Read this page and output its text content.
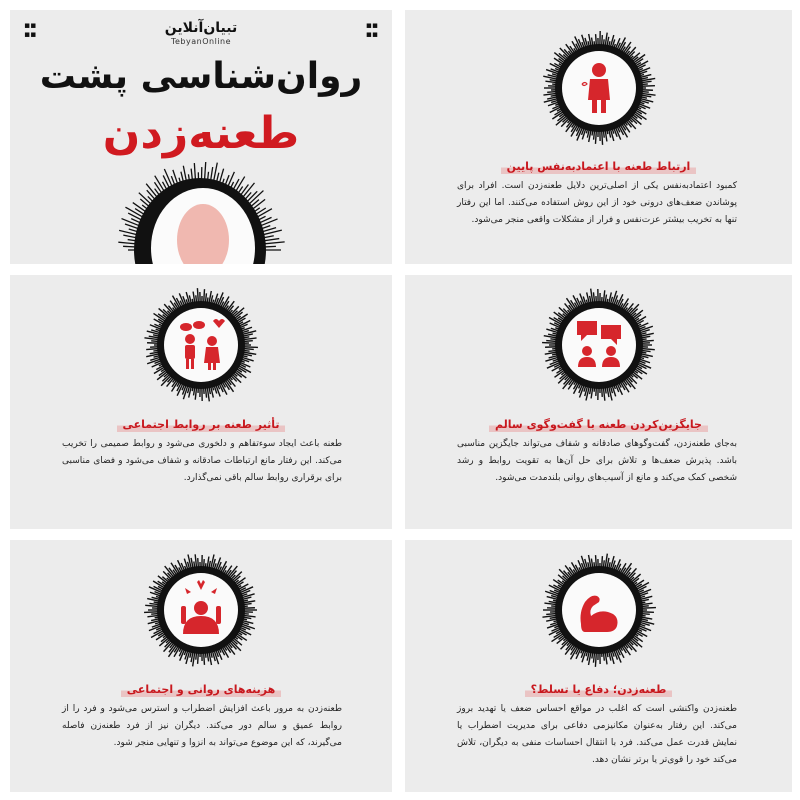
▪▪
▪▪
▪▪
▪▪
تبیان‌آنلاین
TebyanOnline
روان‌شناسی پشت
طعنه‌زدن
ارتباط طعنه با اعتمادبه‌نفس پایین
کمبود اعتمادبه‌نفس یکی از اصلی‌ترین دلایل طعنه‌زدن است. افراد برای پوشاندن ضعف‌های درونی خود از این روش استفاده می‌کنند. اما این رفتار تنها به تخریب بیشتر عزت‌نفس و فرار از مشکلات واقعی منجر می‌شود.
تأثیر طعنه بر روابط اجتماعی
طعنه باعث ایجاد سوءتفاهم و دلخوری می‌شود و روابط صمیمی را تخریب می‌کند. این رفتار مانع ارتباطات صادقانه و شفاف می‌شود و فضای مناسبی برای برقراری روابط سالم باقی نمی‌گذارد.
جایگزین‌کردن طعنه با گفت‌وگوی سالم
به‌جای طعنه‌زدن، گفت‌وگوهای صادقانه و شفاف می‌تواند جایگزین مناسبی باشد. پذیرش ضعف‌ها و تلاش برای حل آن‌ها به تقویت روابط و رشد شخصی کمک می‌کند و مانع از آسیب‌های روانی بلندمدت می‌شود.
هزینه‌های روانی و اجتماعی
طعنه‌زدن به مرور باعث افزایش اضطراب و استرس می‌شود و فرد را از روابط عمیق و سالم دور می‌کند. دیگران نیز از فرد طعنه‌زن فاصله می‌گیرند، که این موضوع می‌تواند به انزوا و تنهایی منجر شود.
طعنه‌زدن؛ دفاع یا تسلط؟
طعنه‌زدن واکنشی است که اغلب در مواقع احساس ضعف یا تهدید بروز می‌کند. این رفتار به‌عنوان مکانیزمی دفاعی برای مدیریت اضطراب یا نمایش قدرت عمل می‌کند. فرد با انتقال احساسات منفی به دیگران، تلاش می‌کند خود را قوی‌تر یا برتر نشان دهد.
